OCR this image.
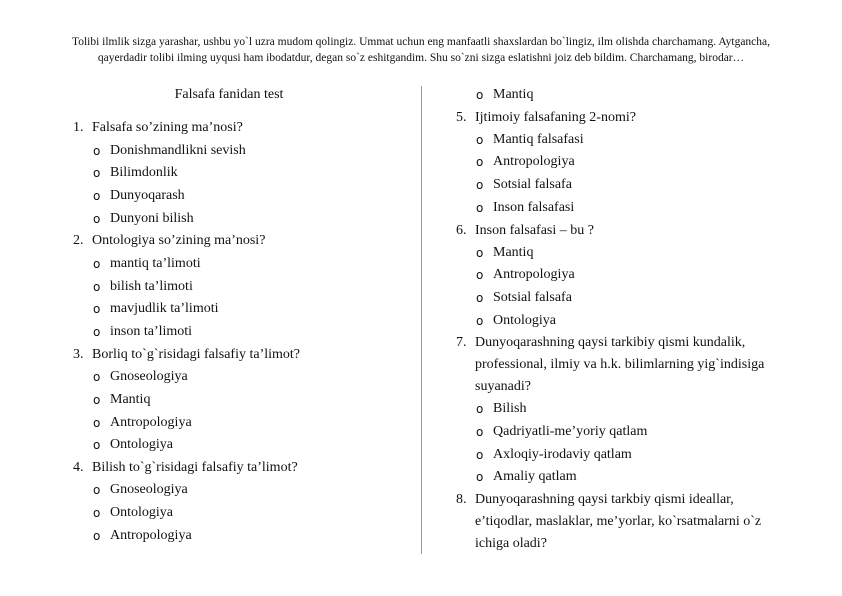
Tolibi ilmlik sizga yarashar, ushbu yo`l uzra mudom qolingiz. Ummat uchun eng manfaatli shaxslardan bo`lingiz, ilm olishda charchamang. Aytgancha, qayerdadir tolibi ilming uyqusi ham ibodatdur, degan so`z eshitgandim. Shu so`zni sizga eslatishni joiz deb bildim. Charchamang, birodar…
Falsafa fanidan test
1. Falsafa so’zining ma’nosi?
o Donishmandlikni sevish
o Bilimdonlik
o Dunyoqarash
o Dunyoni bilish
2. Ontologiya so’zining ma’nosi?
o mantiq ta’limoti
o bilish ta’limoti
o mavjudlik ta’limoti
o inson ta’limoti
3. Borliq to`g`risidagi falsafiy ta’limot?
o Gnoseologiya
o Mantiq
o Antropologiya
o Ontologiya
4. Bilish to`g`risidagi falsafiy ta’limot?
o Gnoseologiya
o Ontologiya
o Antropologiya
o Mantiq
5. Ijtimoiy falsafaning 2-nomi?
o Mantiq falsafasi
o Antropologiya
o Sotsial falsafa
o Inson falsafasi
6. Inson falsafasi – bu ?
o Mantiq
o Antropologiya
o Sotsial falsafa
o Ontologiya
7. Dunyoqarashning qaysi tarkibiy qismi kundalik, professional, ilmiy va h.k. bilimlarning yig`indisiga suyanadi?
o Bilish
o Qadriyatli-me’yoriy qatlam
o Axloqiy-irodaviy qatlam
o Amaliy qatlam
8. Dunyoqarashning qaysi tarkbiy qismi ideallar, e’tiqodlar, maslaklar, me’yorlar, ko`rsatmalarni o`z ichiga oladi?
